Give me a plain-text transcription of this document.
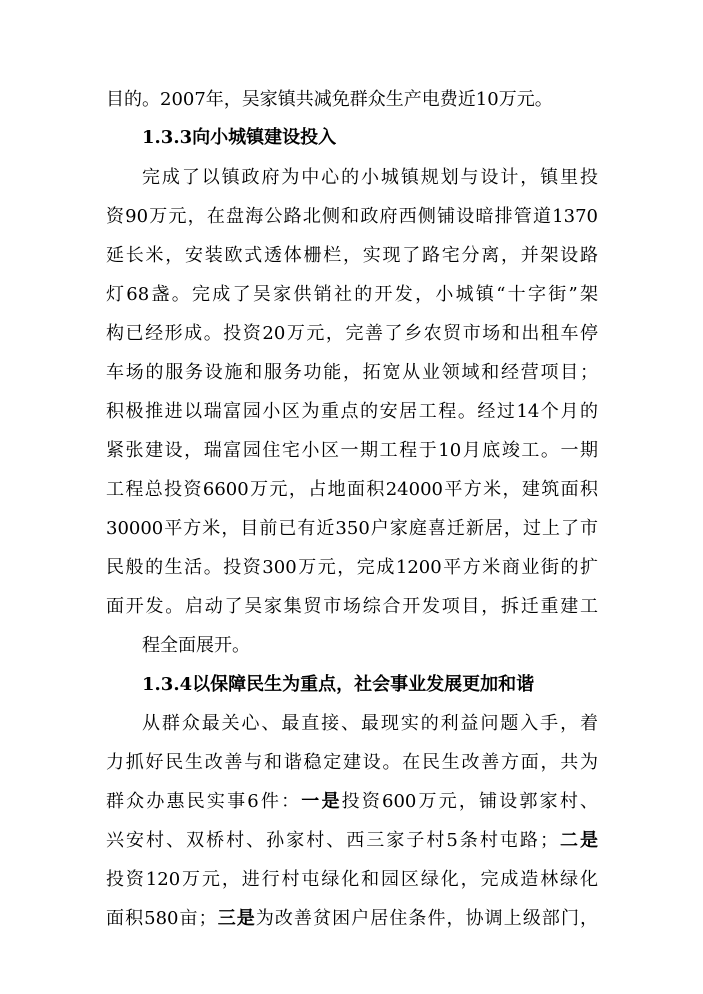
目的。2007年，吴家镇共减免群众生产电费近10万元。
1.3.3向小城镇建设投入
完成了以镇政府为中心的小城镇规划与设计，镇里投
资90万元，在盘海公路北侧和政府西侧铺设暗排管道1370
延长米，安装欧式透体栅栏，实现了路宅分离，并架设路
灯68盏。完成了吴家供销社的开发，小城镇“十字街”架
构已经形成。投资20万元，完善了乡农贸市场和出租车停
车场的服务设施和服务功能，拓宽从业领域和经营项目；
积极推进以瑞富园小区为重点的安居工程。经过14个月的
紧张建设，瑞富园住宅小区一期工程于10月底竣工。一期
工程总投资6600万元，占地面积24000平方米，建筑面积
30000平方米，目前已有近350户家庭喜迁新居，过上了市
民般的生活。投资300万元，完成1200平方米商业街的扩
面开发。启动了吴家集贸市场综合开发项目，拆迁重建工
程全面展开。
1.3.4以保障民生为重点，社会事业发展更加和谐
从群众最关心、最直接、最现实的利益问题入手，着
力抓好民生改善与和谐稳定建设。在民生改善方面，共为
群众办惠民实事6件：一是投资600万元，铺设郭家村、
兴安村、双桥村、孙家村、西三家子村5条村屯路；二是
投资120万元，进行村屯绿化和园区绿化，完成造林绿化
面积580亩；三是为改善贫困户居住条件，协调上级部门，
